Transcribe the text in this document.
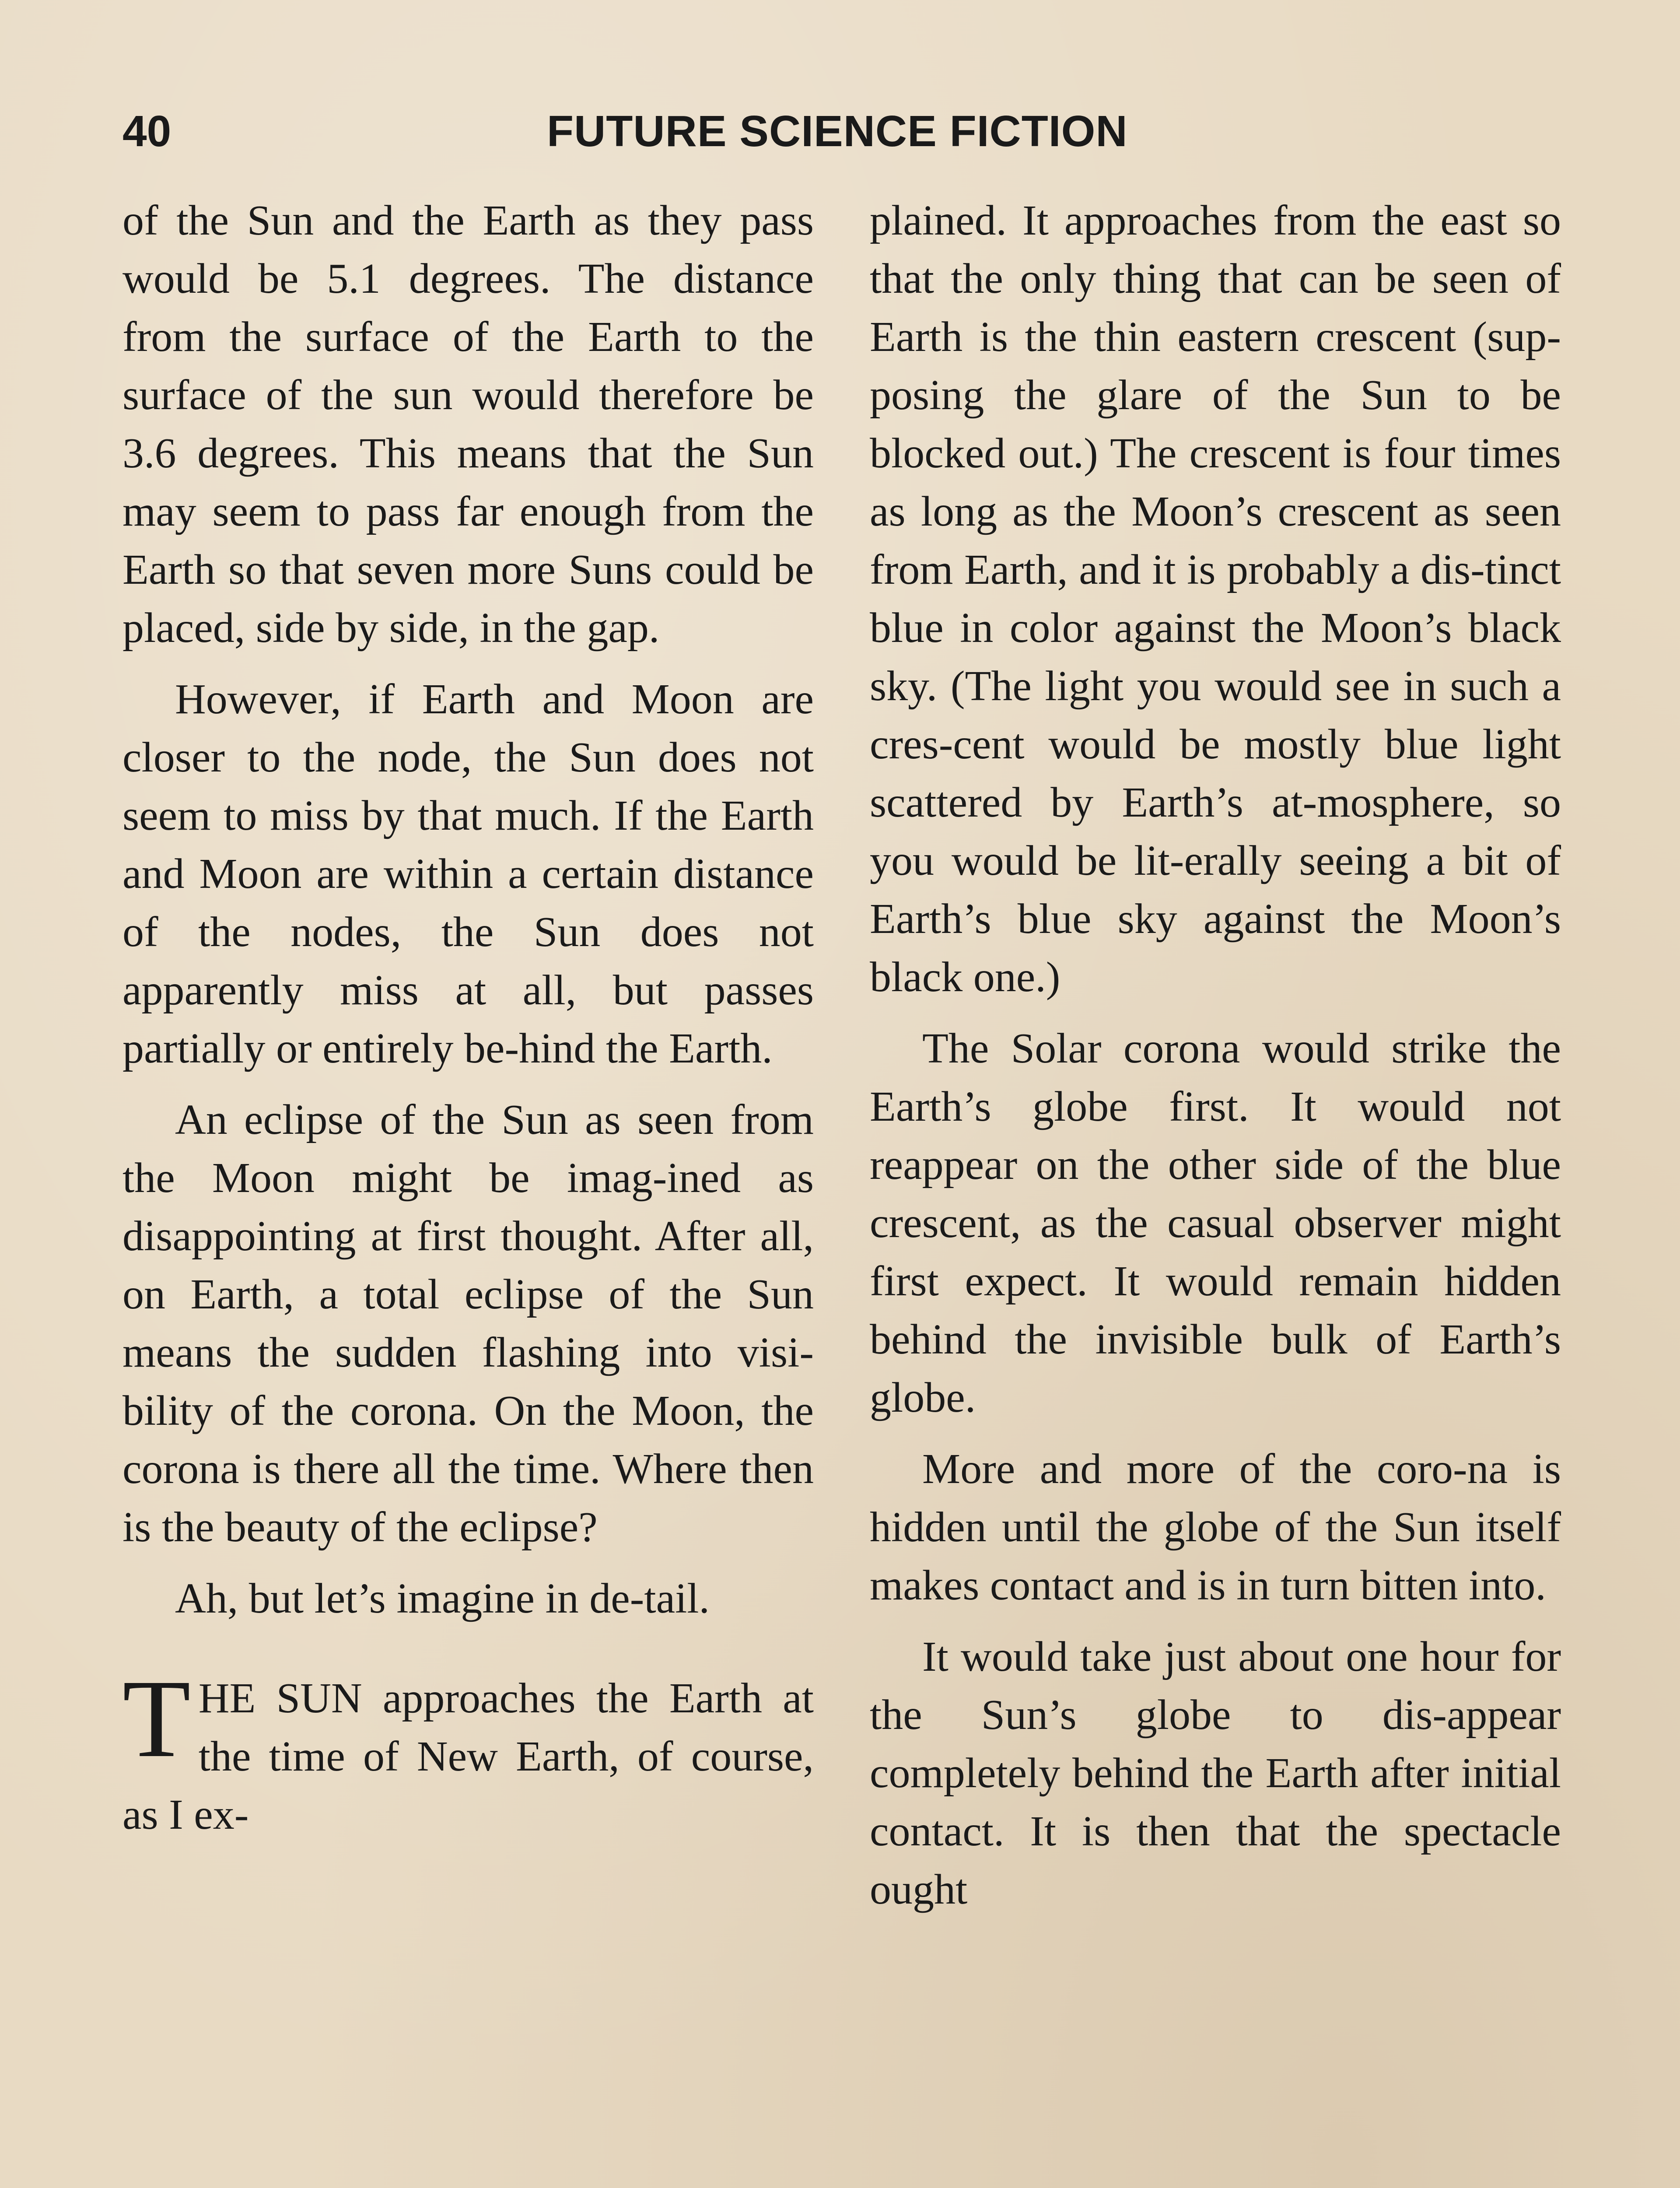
40	FUTURE SCIENCE FICTION

of the Sun and the Earth as they pass would be 5.1 degrees. The distance from the surface of the Earth to the surface of the sun would therefore be 3.6 degrees. This means that the Sun may seem to pass far enough from the Earth so that seven more Suns could be placed, side by side, in the gap.

However, if Earth and Moon are closer to the node, the Sun does not seem to miss by that much. If the Earth and Moon are within a certain distance of the nodes, the Sun does not apparently miss at all, but passes partially or entirely be-hind the Earth.

An eclipse of the Sun as seen from the Moon might be imag-ined as disappointing at first thought. After all, on Earth, a total eclipse of the Sun means the sudden flashing into visi-bility of the corona. On the Moon, the corona is there all the time. Where then is the beauty of the eclipse?

Ah, but let’s imagine in de-tail.

THE SUN approaches the Earth at the time of New Earth, of course, as I ex-

plained. It approaches from the east so that the only thing that can be seen of Earth is the thin eastern crescent (sup-posing the glare of the Sun to be blocked out.) The crescent is four times as long as the Moon’s crescent as seen from Earth, and it is probably a dis-tinct blue in color against the Moon’s black sky. (The light you would see in such a cres-cent would be mostly blue light scattered by Earth’s at-mosphere, so you would be lit-erally seeing a bit of Earth’s blue sky against the Moon’s black one.)

The Solar corona would strike the Earth’s globe first. It would not reappear on the other side of the blue crescent, as the casual observer might first expect. It would remain hidden behind the invisible bulk of Earth’s globe.

More and more of the coro-na is hidden until the globe of the Sun itself makes contact and is in turn bitten into.

It would take just about one hour for the Sun’s globe to dis-appear completely behind the Earth after initial contact. It is then that the spectacle ought
